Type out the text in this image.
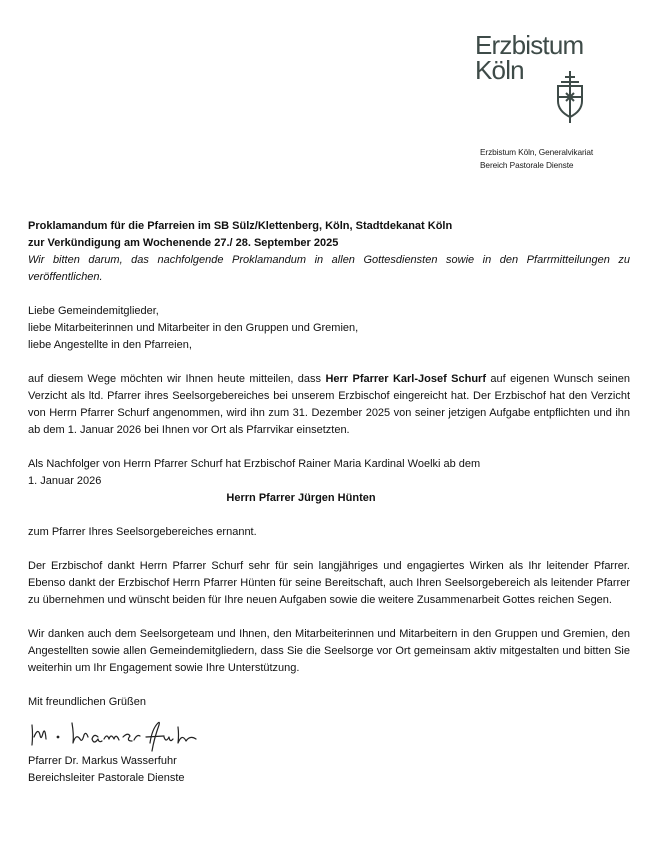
Erzbistum
Köln
Erzbistum Köln, Generalvikariat
Bereich Pastorale Dienste

Proklamandum für die Pfarreien im SB Sülz/Klettenberg, Köln, Stadtdekanat Köln

zur Verkündigung am Wochenende 27./ 28. September 2025

Wir bitten darum, das nachfolgende Proklamandum in allen Gottesdiensten sowie in den Pfarrmitteilungen zu veröffentlichen.

Liebe Gemeindemitglieder,

liebe Mitarbeiterinnen und Mitarbeiter in den Gruppen und Gremien,

liebe Angestellte in den Pfarreien,

auf diesem Wege möchten wir Ihnen heute mitteilen, dass Herr Pfarrer Karl-Josef Schurf auf eigenen Wunsch seinen Verzicht als ltd. Pfarrer ihres Seelsorgebereiches bei unserem Erzbischof eingereicht hat. Der Erzbischof hat den Verzicht von Herrn Pfarrer Schurf angenommen, wird ihn zum 31. Dezember 2025 von seiner jetzigen Aufgabe entpflichten und ihn ab dem 1. Januar 2026 bei Ihnen vor Ort als Pfarrvikar einsetzten.

Als Nachfolger von Herrn Pfarrer Schurf hat Erzbischof Rainer Maria Kardinal Woelki ab dem

1. Januar 2026

Herrn Pfarrer Jürgen Hünten

zum Pfarrer Ihres Seelsorgebereiches ernannt.

Der Erzbischof dankt Herrn Pfarrer Schurf sehr für sein langjähriges und engagiertes Wirken als Ihr leitender Pfarrer. Ebenso dankt der Erzbischof Herrn Pfarrer Hünten für seine Bereitschaft, auch Ihren Seelsorgebereich als leitender Pfarrer zu übernehmen und wünscht beiden für Ihre neuen Aufgaben sowie die weitere Zusammenarbeit Gottes reichen Segen.

Wir danken auch dem Seelsorgeteam und Ihnen, den Mitarbeiterinnen und Mitarbeitern in den Gruppen und Gremien, den Angestellten sowie allen Gemeindemitgliedern, dass Sie die Seelsorge vor Ort gemeinsam aktiv mitgestalten und bitten Sie weiterhin um Ihr Engagement sowie Ihre Unterstützung.

Mit freundlichen Grüßen

Pfarrer Dr. Markus Wasserfuhr

Bereichsleiter Pastorale Dienste
